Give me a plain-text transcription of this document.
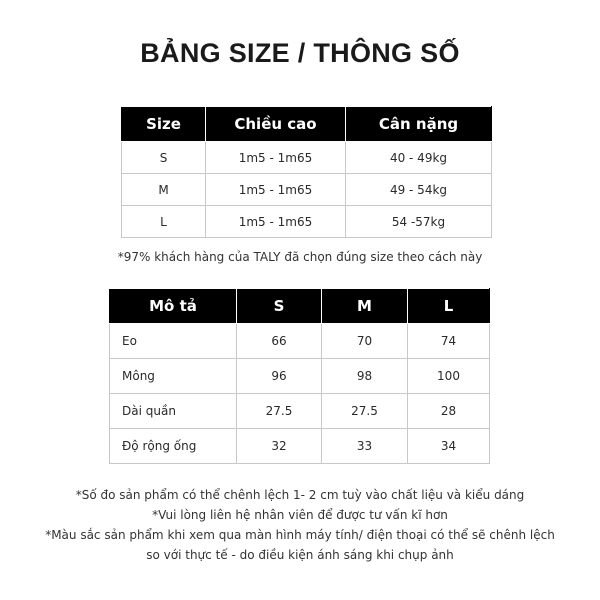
BẢNG SIZE / THÔNG SỐ
Size	Chiều cao	Cân nặng
S	1m5 - 1m65	40 - 49kg
M	1m5 - 1m65	49 - 54kg
L	1m5 - 1m65	54 -57kg
*97% khách hàng của TALY đã chọn đúng size theo cách này
Mô tả	S	M	L
Eo	66	70	74
Mông	96	98	100
Dài quần	27.5	27.5	28
Độ rộng ống	32	33	34
*Số đo sản phẩm có thể chênh lệch 1- 2 cm tuỳ vào chất liệu và kiểu dáng
*Vui lòng liên hệ nhân viên để được tư vấn kĩ hơn
*Màu sắc sản phẩm khi xem qua màn hình máy tính/ điện thoại có thể sẽ chênh lệch so với thực tế - do điều kiện ánh sáng khi chụp ảnh
